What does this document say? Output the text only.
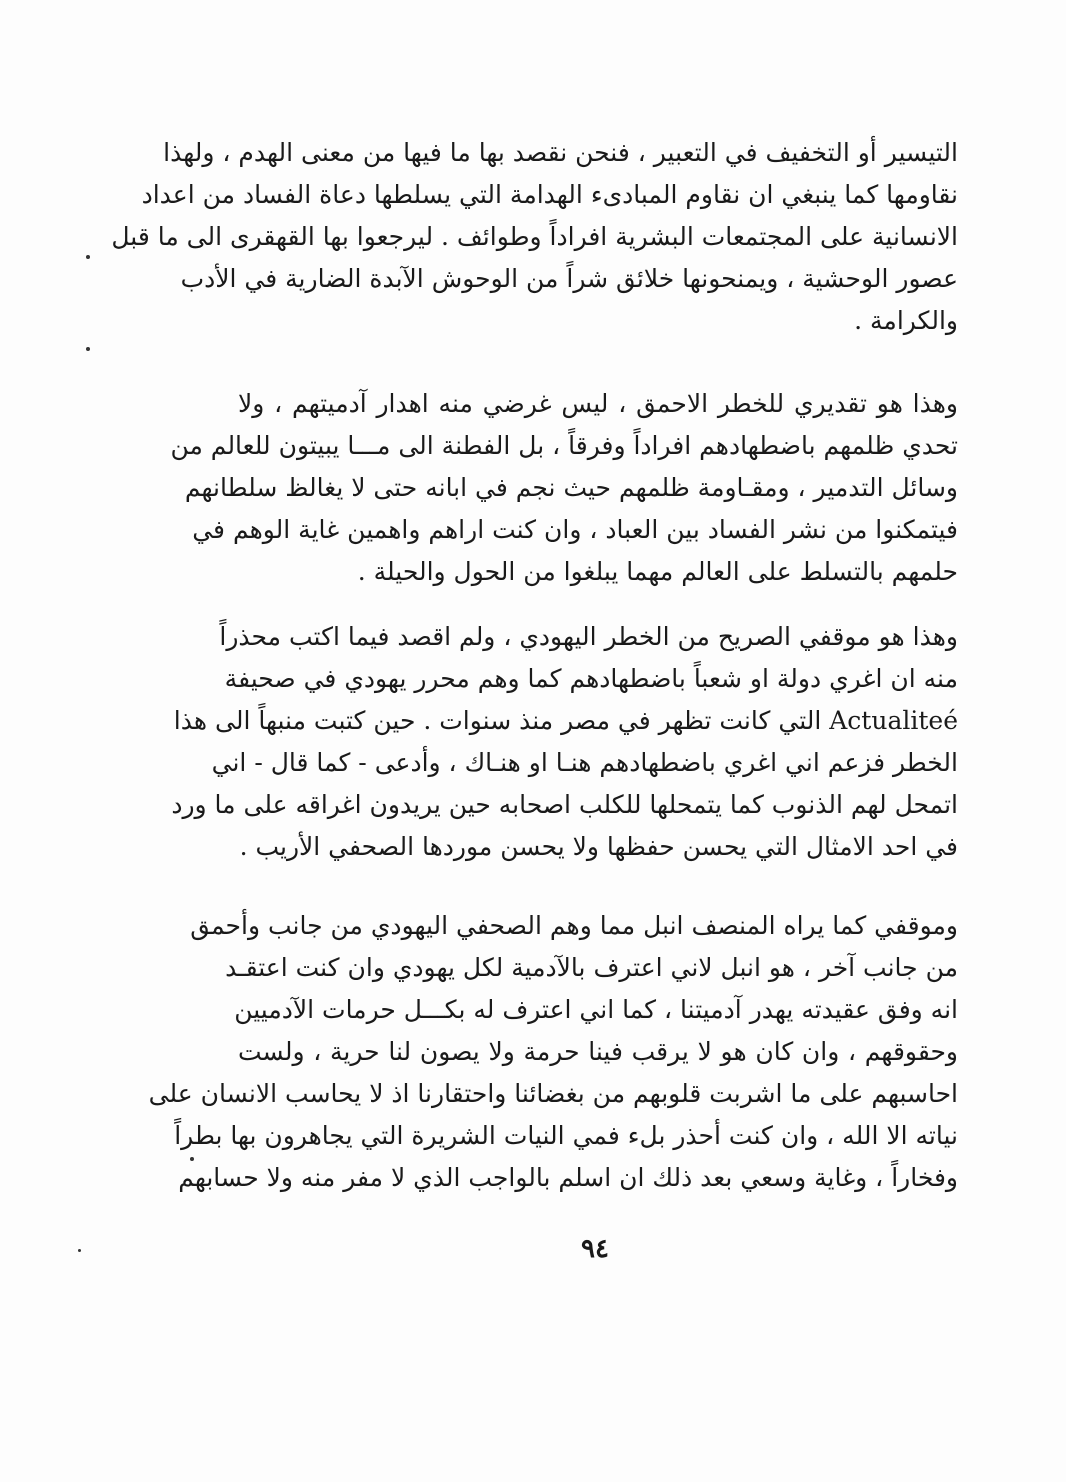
التيسير أو التخفيف في التعبير ، فنحن نقصد بها ما فيها من معنى الهدم ، ولهذا
نقاومها كما ينبغي ان نقاوم المبادىء الهدامة التي يسلطها دعاة الفساد من اعداد
الانسانية على المجتمعات البشرية افراداً وطوائف . ليرجعوا بها القهقرى الى ما قبل
عصور الوحشية ، ويمنحونها خلائق شراً من الوحوش الآبدة الضارية في الأدب
والكرامة .
وهذا هو تقديري للخطر الاحمق ، ليس غرضي منه اهدار آدميتهم ، ولا
تحدي ظلمهم باضطهادهم افراداً وفرقاً ، بل الفطنة الى مـــا يبيتون للعالم من
وسائل التدمير ، ومقـاومة ظلمهم حيث نجم في ابانه حتى لا يغالظ سلطانهم
فيتمكنوا من نشر الفساد بين العباد ، وان كنت اراهم واهمين غاية الوهم في
حلمهم بالتسلط على العالم مهما يبلغوا من الحول والحيلة .
وهذا هو موقفي الصريح من الخطر اليهودي ، ولم اقصد فيما اكتب محذراً
منه ان اغري دولة او شعباً باضطهادهم كما وهم محرر يهودي في صحيفة
Actualiteé التي كانت تظهر في مصر منذ سنوات . حين كتبت منبهاً الى هذا
الخطر فزعم اني اغري باضطهادهم هنـا او هنـاك ، وأدعى - كما قال - اني
اتمحل لهم الذنوب كما يتمحلها للكلب اصحابه حين يريدون اغراقه على ما ورد
في احد الامثال التي يحسن حفظها ولا يحسن موردها الصحفي الأريب .
وموقفي كما يراه المنصف انبل مما وهم الصحفي اليهودي من جانب وأحمق
من جانب آخر ، هو انبل لاني اعترف بالآدمية لكل يهودي وان كنت اعتقـد
انه وفق عقيدته يهدر آدميتنا ، كما اني اعترف له بكـــل حرمات الآدميين
وحقوقهم ، وان كان هو لا يرقب فينا حرمة ولا يصون لنا حرية ، ولست
احاسبهم على ما اشربت قلوبهم من بغضائنا واحتقارنا اذ لا يحاسب الانسان على
نياته الا الله ، وان كنت أحذر بلء فمي النيات الشريرة التي يجاهرون بها بطراً
وفخاراً ، وغاية وسعي بعد ذلك ان اسلم بالواجب الذي لا مفر منه ولا حسابهم
٩٤
